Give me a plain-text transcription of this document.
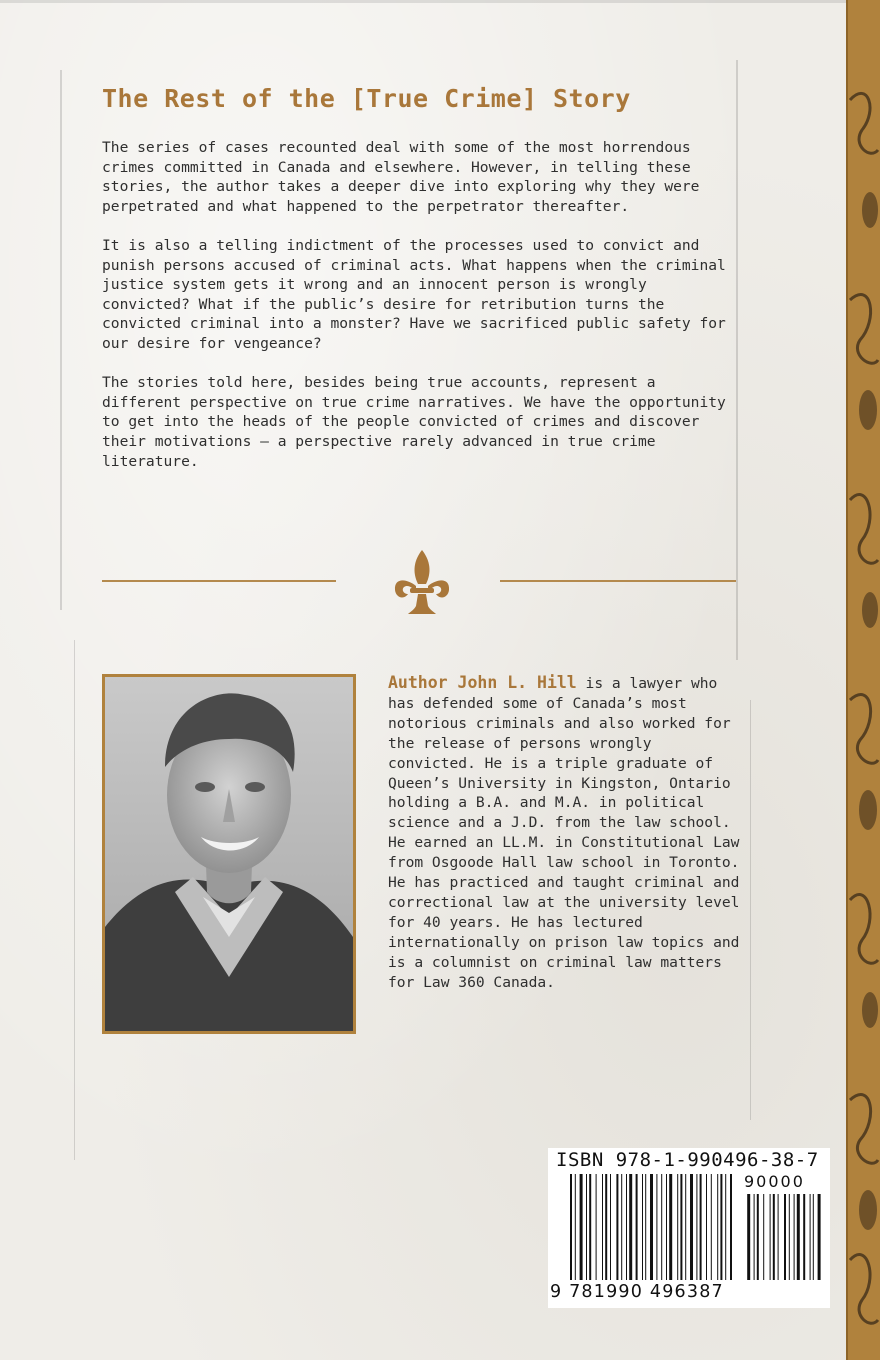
The Rest of the [True Crime] Story

The series of cases recounted deal with some of the most horrendous crimes committed in Canada and elsewhere. However, in telling these stories, the author takes a deeper dive into exploring why they were perpetrated and what happened to the perpetrator thereafter.

It is also a telling indictment of the processes used to convict and punish persons accused of criminal acts. What happens when the criminal justice system gets it wrong and an innocent person is wrongly convicted? What if the public’s desire for retribution turns the convicted criminal into a monster? Have we sacrificed public safety for our desire for vengeance?

The stories told here, besides being true accounts, represent a different perspective on true crime narratives. We have the opportunity to get into the heads of the people convicted of crimes and discover their motivations – a perspective rarely advanced in true crime literature.

Author John L. Hill is a lawyer who has defended some of Canada’s most notorious criminals and also worked for the release of persons wrongly convicted. He is a triple graduate of Queen’s University in Kingston, Ontario holding a B.A. and M.A. in political science and a J.D. from the law school. He earned an LL.M. in Constitutional Law from Osgoode Hall law school in Toronto. He has practiced and taught criminal and correctional law at the university level for 40 years. He has lectured internationally on prison law topics and is a columnist on criminal law matters for Law 360 Canada.
ISBN 978-1-990496-38-7
90000
9 781990 496387
